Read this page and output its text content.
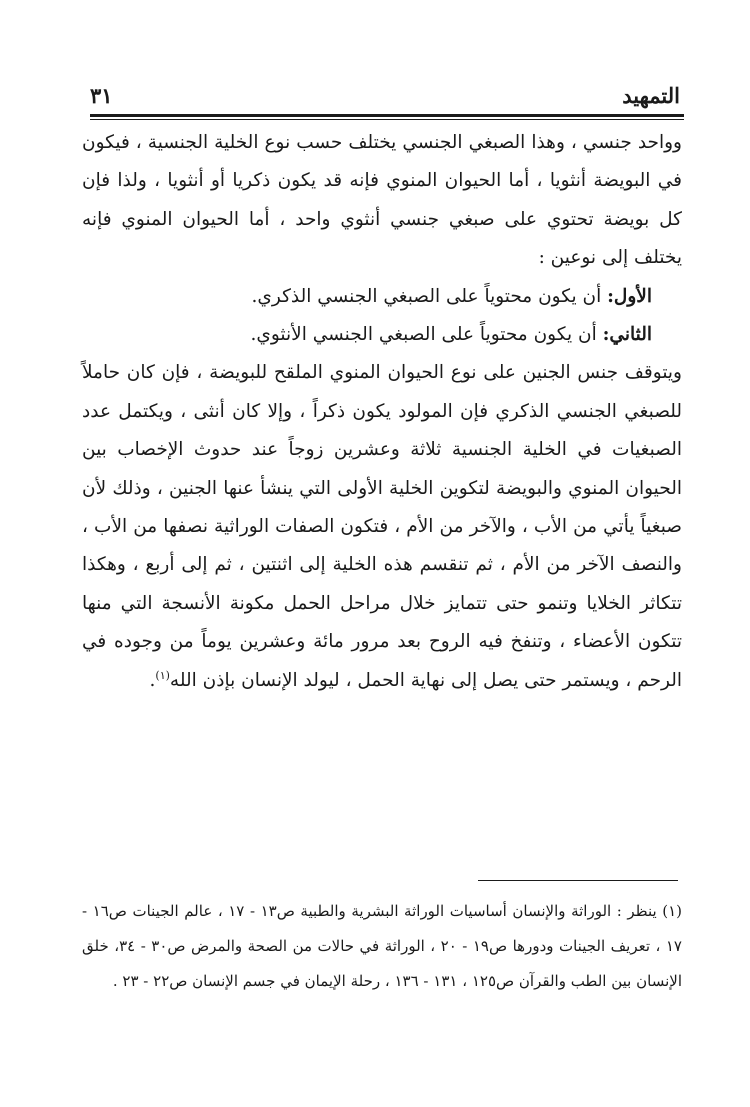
التمهيد
٣١

وواحد جنسي ، وهذا الصبغي الجنسي يختلف حسب نوع الخلية الجنسية ، فيكون في البويضة أنثويا ، أما الحيوان المنوي فإنه قد يكون ذكريا أو أنثويا ، ولذا فإن كل بويضة تحتوي على صبغي جنسي أنثوي واحد ، أما الحيوان المنوي فإنه يختلف إلى نوعين :

الأول: أن يكون محتوياً على الصبغي الجنسي الذكري.

الثاني: أن يكون محتوياً على الصبغي الجنسي الأنثوي.

ويتوقف جنس الجنين على نوع الحيوان المنوي الملقح للبويضة ، فإن كان حاملاً للصبغي الجنسي الذكري فإن المولود يكون ذكراً ، وإلا كان أنثى ، ويكتمل عدد الصبغيات في الخلية الجنسية ثلاثة وعشرين زوجاً عند حدوث الإخصاب بين الحيوان المنوي والبويضة لتكوين الخلية الأولى التي ينشأ عنها الجنين ، وذلك لأن صبغياً يأتي من الأب ، والآخر من الأم ، فتكون الصفات الوراثية نصفها من الأب ، والنصف الآخر من الأم ، ثم تنقسم هذه الخلية إلى اثنتين ، ثم إلى أربع ، وهكذا تتكاثر الخلايا وتنمو حتى تتمايز خلال مراحل الحمل مكونة الأنسجة التي منها تتكون الأعضاء ، وتنفخ فيه الروح بعد مرور مائة وعشرين يوماً من وجوده في الرحم ، ويستمر حتى يصل إلى نهاية الحمل ، ليولد الإنسان بإذن الله$^{(١)}$.

(١) ينظر : الوراثة والإنسان أساسيات الوراثة البشرية والطبية ص١٣ - ١٧ ، عالم الجينات ص١٦ - ١٧ ، تعريف الجينات ودورها ص١٩ - ٢٠ ، الوراثة في حالات من الصحة والمرض ص٣٠ - ٣٤، خلق الإنسان بين الطب والقرآن ص١٢٥ ، ١٣١ - ١٣٦ ، رحلة الإيمان في جسم الإنسان ص٢٢ - ٢٣ .
